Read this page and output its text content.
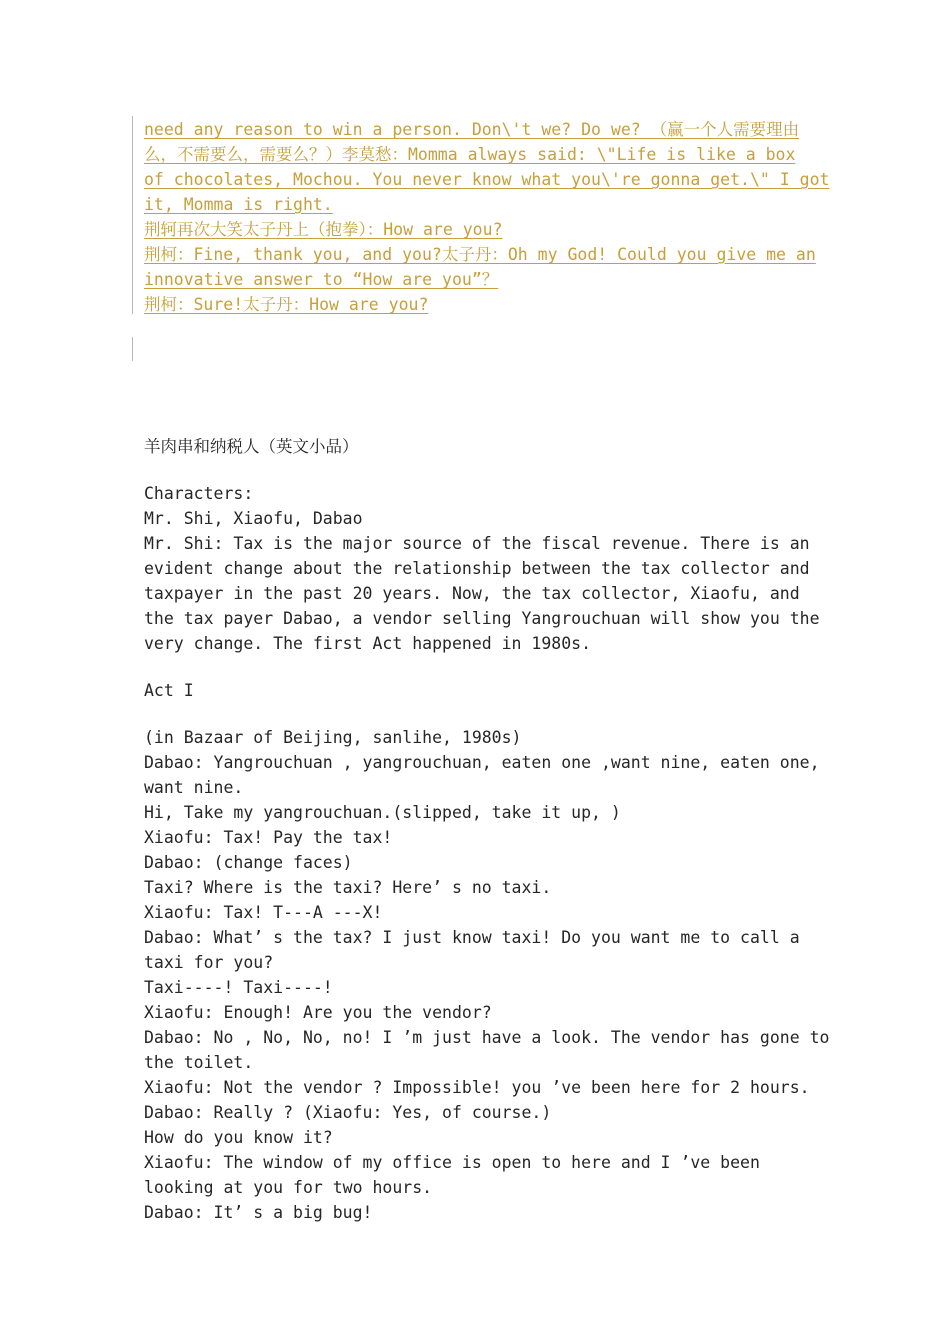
need any reason to win a person. Don\'t we? Do we? （赢一个人需要理由
么，不需要么，需要么？）李莫愁：Momma always said: \"Life is like a box
of chocolates, Mochou. You never know what you\'re gonna get.\" I got
it, Momma is right.
荆轲再次大笑太子丹上（抱拳）：How are you?
荆柯：Fine, thank you, and you?太子丹：Oh my God! Could you give me an
innovative answer to “How are you”？
荆柯：Sure!太子丹：How are you?
羊肉串和纳税人（英文小品）
Characters:
Mr. Shi, Xiaofu, Dabao
Mr. Shi: Tax is the major source of the fiscal revenue. There is an
evident change about the relationship between the tax collector and
taxpayer in the past 20 years. Now, the tax collector, Xiaofu, and
the tax payer Dabao, a vendor selling Yangrouchuan will show you the
very change. The first Act happened in 1980s.
Act I
(in Bazaar of Beijing, sanlihe, 1980s)
Dabao: Yangrouchuan , yangrouchuan, eaten one ,want nine, eaten one,
want nine.
Hi, Take my yangrouchuan.(slipped, take it up, )
Xiaofu: Tax! Pay the tax!
Dabao: (change faces)
Taxi? Where is the taxi? Here’ s no taxi.
Xiaofu: Tax! T---A ---X!
Dabao: What’ s the tax? I just know taxi! Do you want me to call a
taxi for you?
Taxi----! Taxi----!
Xiaofu: Enough! Are you the vendor?
Dabao: No , No, No, no! I ’m just have a look. The vendor has gone to
the toilet.
Xiaofu: Not the vendor ? Impossible! you ’ve been here for 2 hours.
Dabao: Really ? (Xiaofu: Yes, of course.)
How do you know it?
Xiaofu: The window of my office is open to here and I ’ve been
looking at you for two hours.
Dabao: It’ s a big bug!
